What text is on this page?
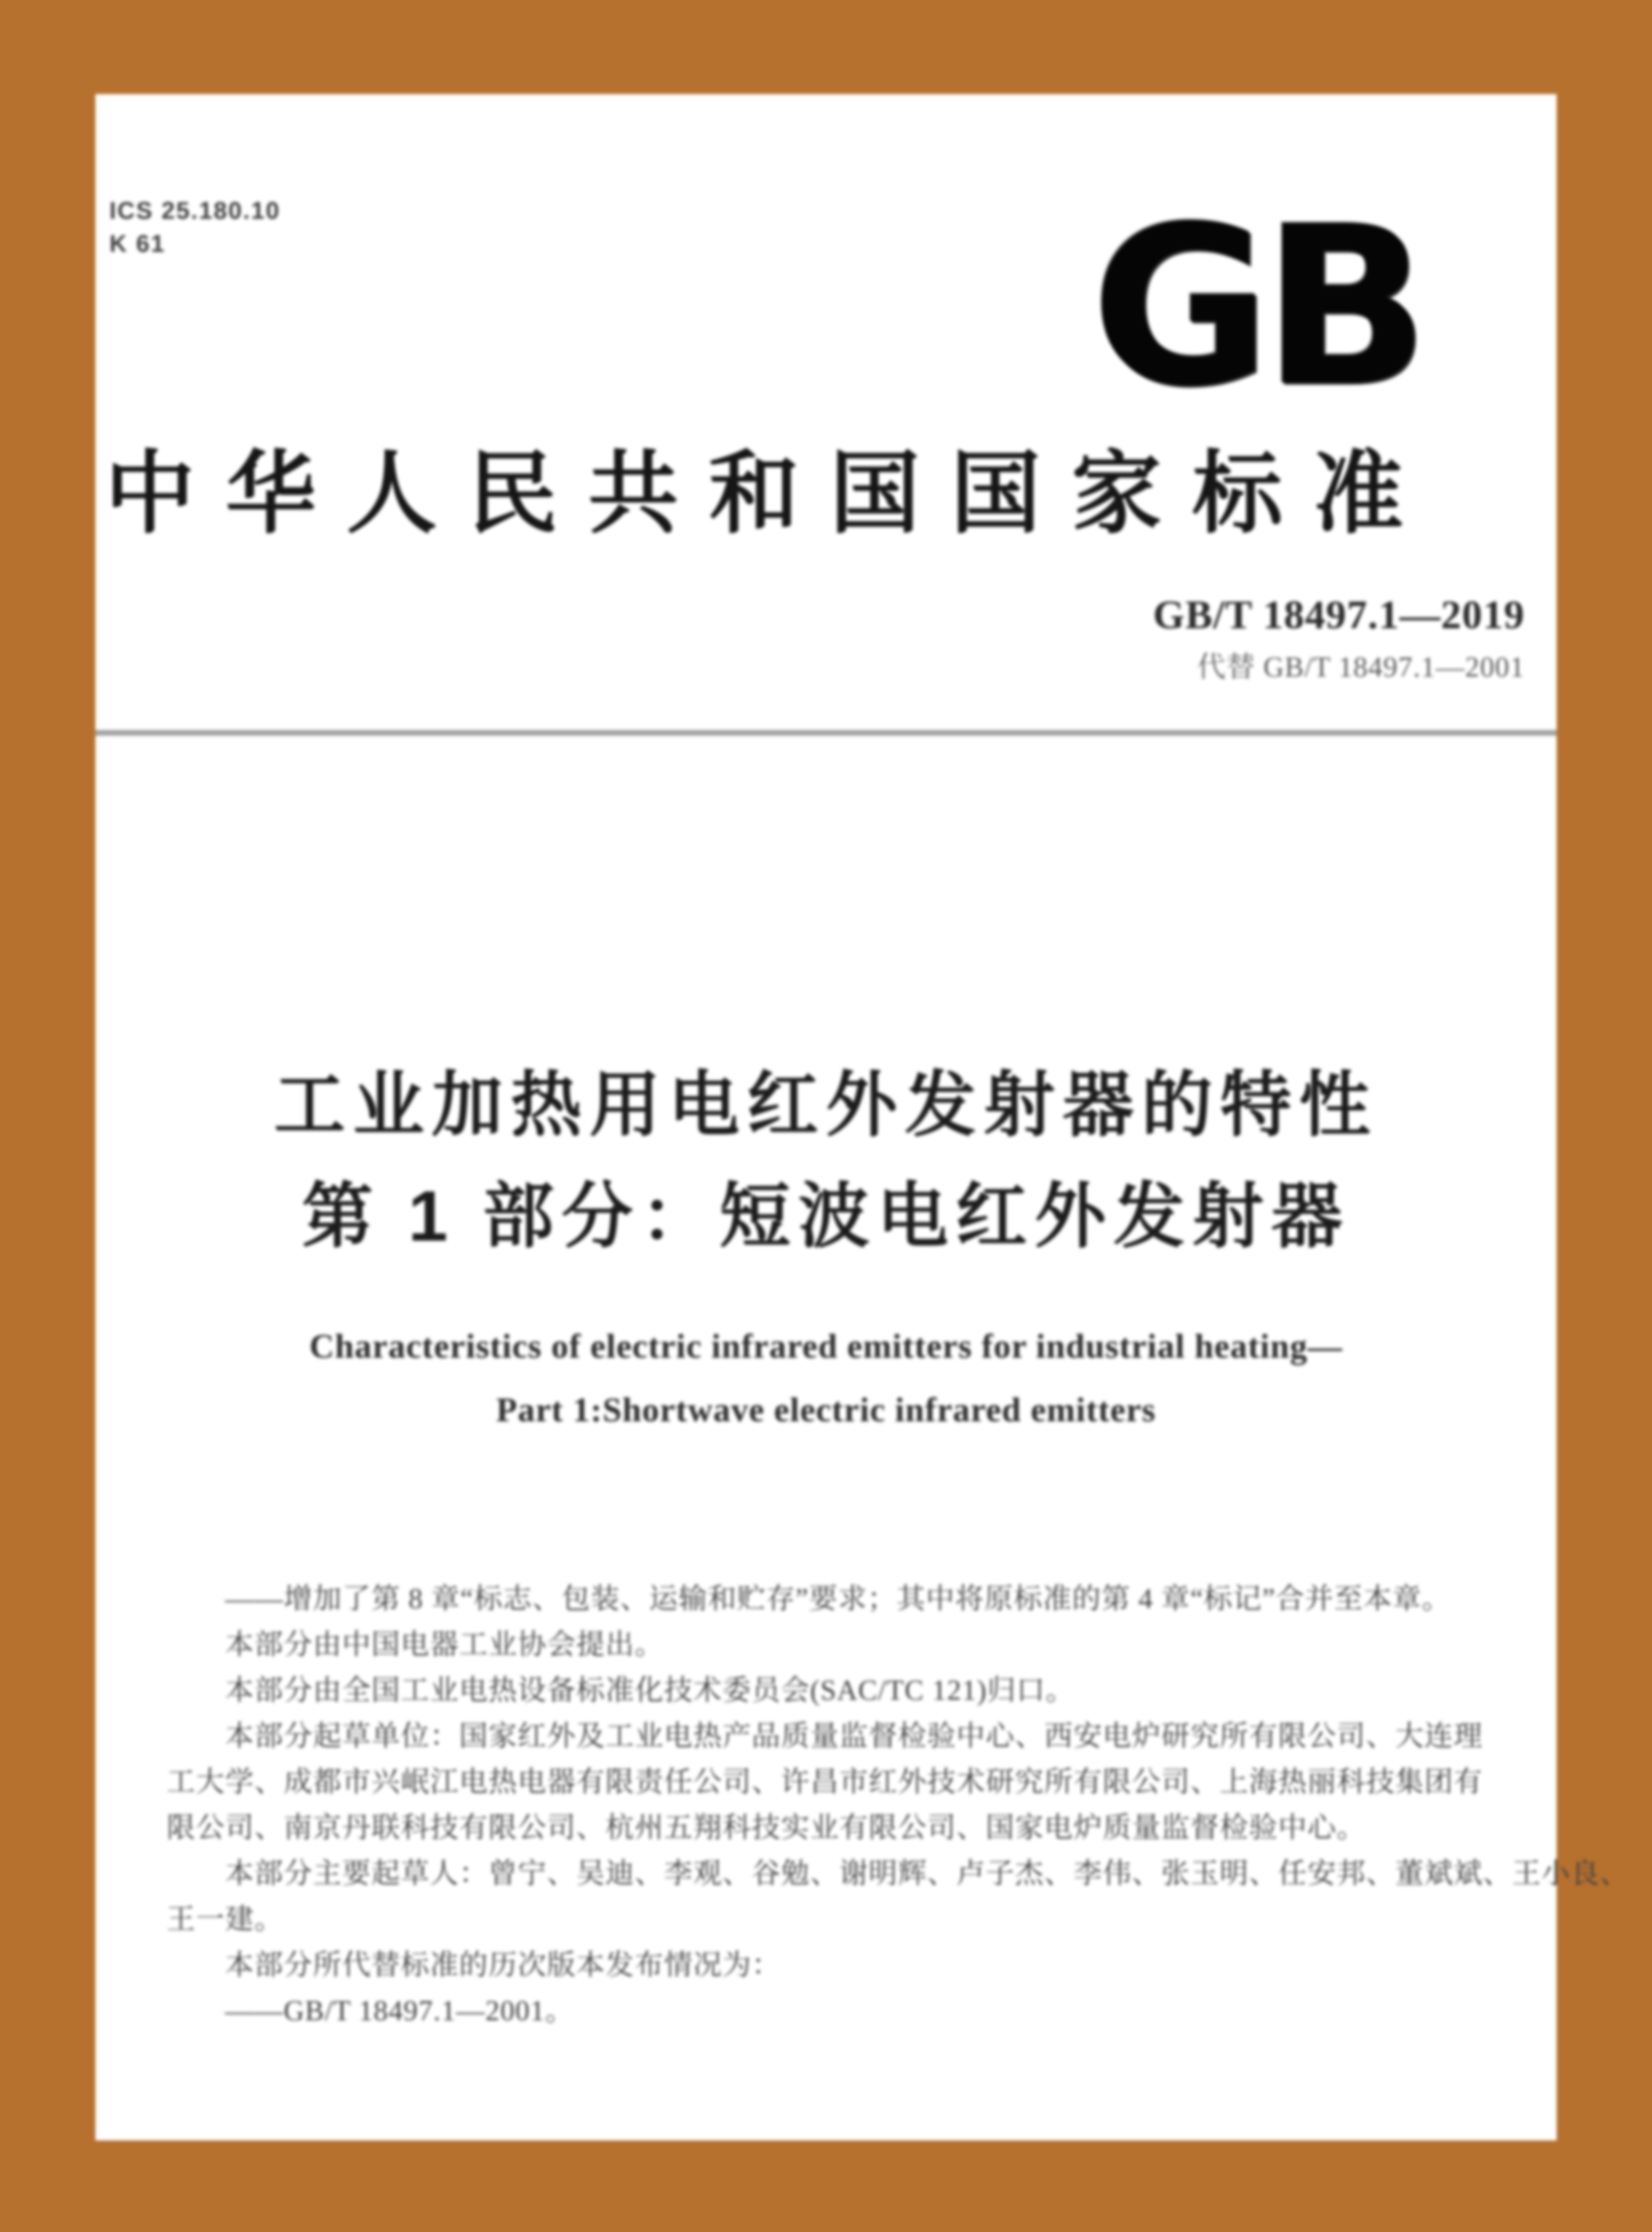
ICS 25.180.10
K 61	GB
中华人民共和国国家标准
GB/T 18497.1—2019
代替 GB/T 18497.1—2001
工业加热用电红外发射器的特性
第 1 部分：短波电红外发射器
Characteristics of electric infrared emitters for industrial heating—
Part 1:Shortwave electric infrared emitters
——增加了第 8 章“标志、包装、运输和贮存”要求；其中将原标准的第 4 章“标记”合并至本章。
本部分由中国电器工业协会提出。
本部分由全国工业电热设备标准化技术委员会(SAC/TC 121)归口。
本部分起草单位：国家红外及工业电热产品质量监督检验中心、西安电炉研究所有限公司、大连理
工大学、成都市兴岷江电热电器有限责任公司、许昌市红外技术研究所有限公司、上海热丽科技集团有
限公司、南京丹联科技有限公司、杭州五翔科技实业有限公司、国家电炉质量监督检验中心。
本部分主要起草人：曾宁、吴迪、李观、谷勉、谢明辉、卢子杰、李伟、张玉明、任安邦、董斌斌、王小良、
王一建。
本部分所代替标准的历次版本发布情况为：
——GB/T 18497.1—2001。
